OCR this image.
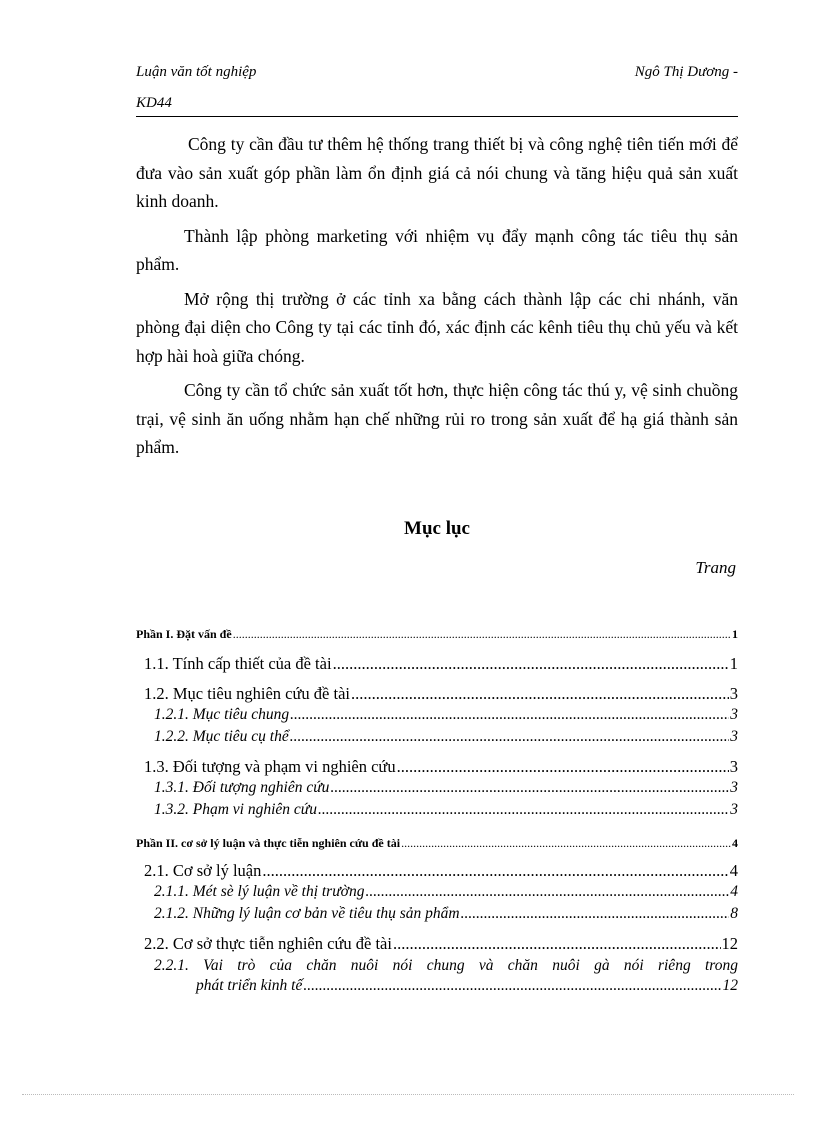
Luận văn tốt nghiệp	Ngô Thị Dương -
KD44

Công ty cần đầu tư thêm hệ thống trang thiết bị và công nghệ tiên tiến mới để đưa vào sản xuất góp phần làm ổn định giá cả nói chung và tăng hiệu quả sản xuất kinh doanh.

Thành lập phòng marketing với nhiệm vụ đẩy mạnh công tác tiêu thụ sản phẩm.

Mở rộng thị trường ở các tỉnh xa bằng cách thành lập các chi nhánh, văn phòng đại diện cho Công ty tại các tỉnh đó, xác định các kênh tiêu thụ chủ yếu và kết hợp hài hoà giữa chóng.

Công ty cần tổ chức sản xuất tốt hơn, thực hiện công tác thú y, vệ sinh chuồng trại, vệ sinh ăn uống nhằm hạn chế những rủi ro trong sản xuất để hạ giá thành sản phẩm.

Mục lục
Trang
Phần I. Đặt vấn đề .....	1
1.1. Tính cấp thiết của đề tài .....	1
1.2. Mục tiêu nghiên cứu đề tài .....	3
1.2.1. Mục tiêu chung .....	3
1.2.2. Mục tiêu cụ thể .....	3
1.3. Đối tượng và phạm vi nghiên cứu .....	3
1.3.1. Đối tượng nghiên cứu .....	3
1.3.2. Phạm vi nghiên cứu .....	3
Phần II. cơ sở lý luận và thực tiễn nghiên cứu đề tài .....	4
2.1. Cơ sở lý luận .....	4
2.1.1. Mét sè lý luận về thị trường .....	4
2.1.2. Những lý luận cơ bản về tiêu thụ sản phẩm .....	8
2.2. Cơ sở thực tiễn nghiên cứu đề tài .....	12
2.2.1. Vai trò của chăn nuôi nói chung và chăn nuôi gà nói riêng trong
phát triển kinh tế .....	12
